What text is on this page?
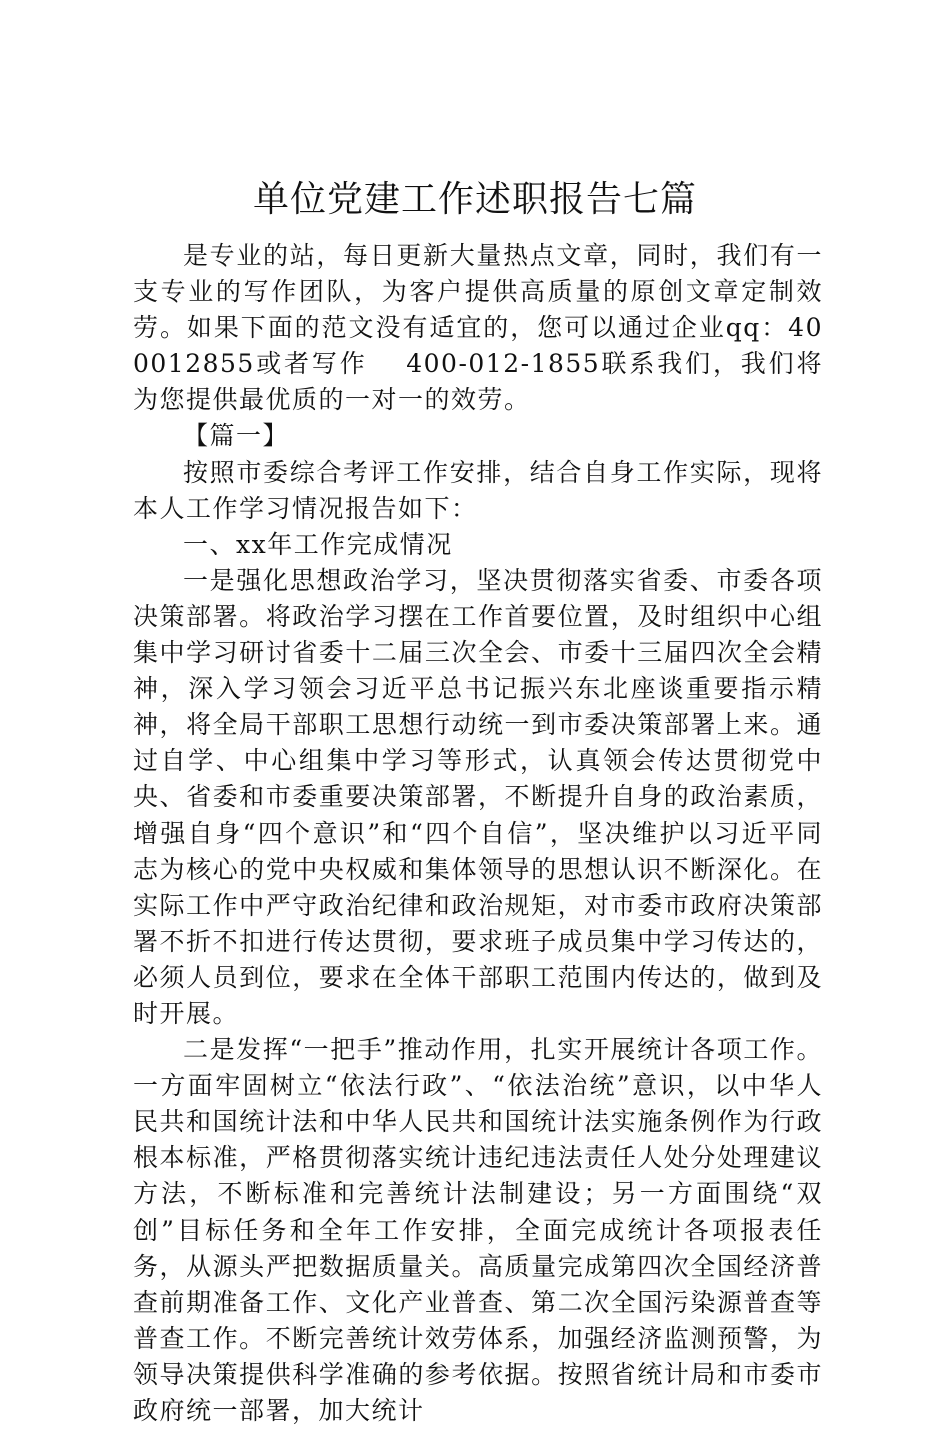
单位党建工作述职报告七篇

是专业的站，每日更新大量热点文章，同时，我们有一支专业的写作团队，为客户提供高质量的原创文章定制效劳。如果下面的范文没有适宜的，您可以通过企业qq：400012855或者写作　 400-012-1855联系我们，我们将为您提供最优质的一对一的效劳。

【篇一】

按照市委综合考评工作安排，结合自身工作实际，现将本人工作学习情况报告如下：

一、xx年工作完成情况

一是强化思想政治学习，坚决贯彻落实省委、市委各项决策部署。将政治学习摆在工作首要位置，及时组织中心组集中学习研讨省委十二届三次全会、市委十三届四次全会精神，深入学习领会习近平总书记振兴东北座谈重要指示精神，将全局干部职工思想行动统一到市委决策部署上来。通过自学、中心组集中学习等形式，认真领会传达贯彻党中央、省委和市委重要决策部署，不断提升自身的政治素质，增强自身“四个意识”和“四个自信”，坚决维护以习近平同志为核心的党中央权威和集体领导的思想认识不断深化。在实际工作中严守政治纪律和政治规矩，对市委市政府决策部署不折不扣进行传达贯彻，要求班子成员集中学习传达的，必须人员到位，要求在全体干部职工范围内传达的，做到及时开展。

二是发挥“一把手”推动作用，扎实开展统计各项工作。一方面牢固树立“依法行政”、“依法治统”意识，以中华人民共和国统计法和中华人民共和国统计法实施条例作为行政根本标准，严格贯彻落实统计违纪违法责任人处分处理建议方法，不断标准和完善统计法制建设；另一方面围绕“双创”目标任务和全年工作安排，全面完成统计各项报表任务，从源头严把数据质量关。高质量完成第四次全国经济普查前期准备工作、文化产业普查、第二次全国污染源普查等普查工作。不断完善统计效劳体系，加强经济监测预警，为领导决策提供科学准确的参考依据。按照省统计局和市委市政府统一部署，加大统计
